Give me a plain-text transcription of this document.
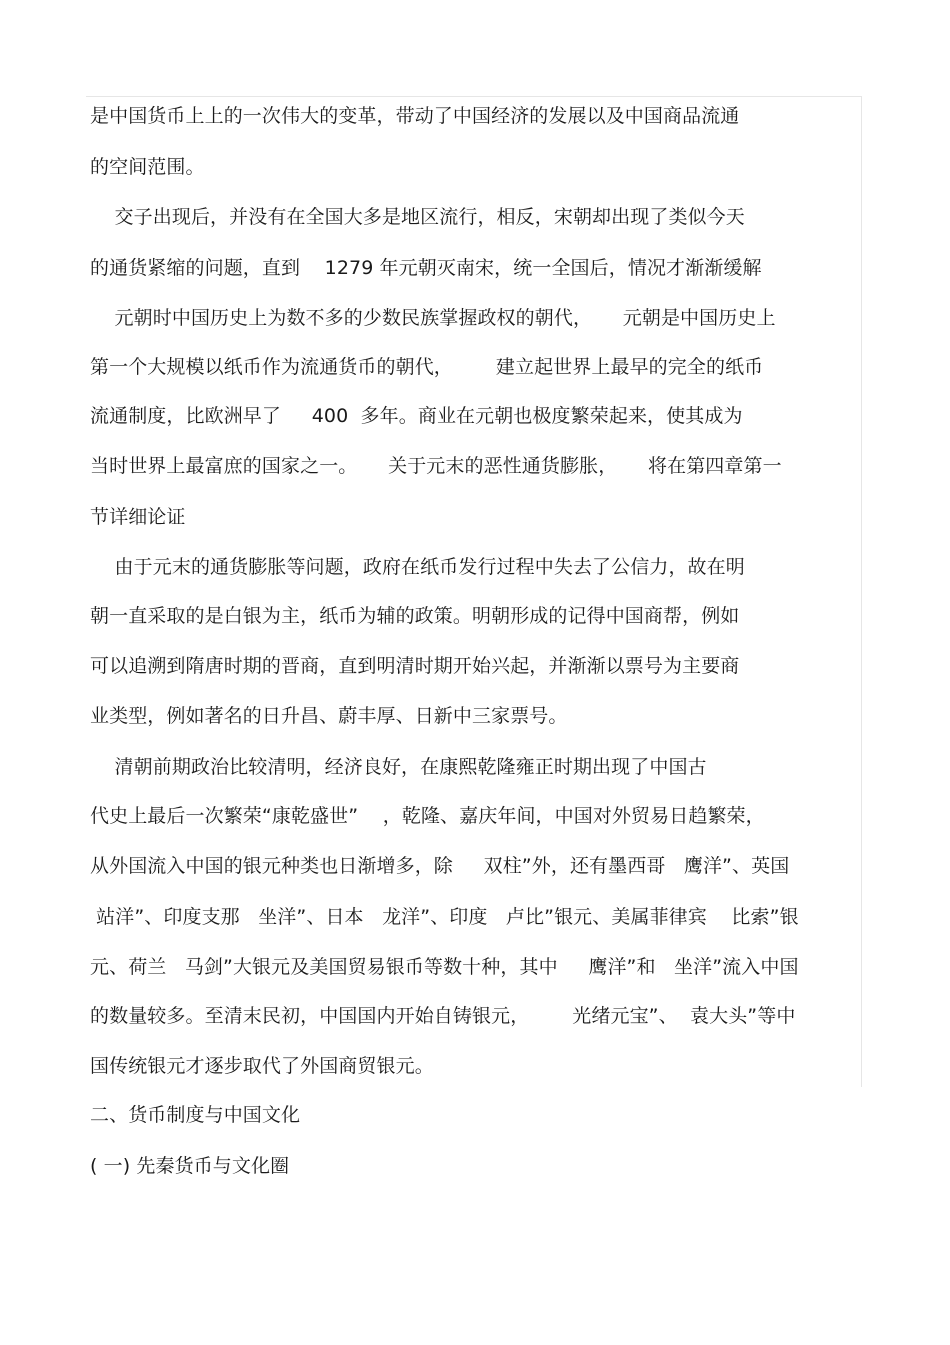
是中国货币上上的一次伟大的变革，带动了中国经济的发展以及中国商品流通
的空间范围。
交子出现后，并没有在全国大多是地区流行，相反，宋朝却出现了类似今天
的通货紧缩的问题，直到    1279 年元朝灭南宋，统一全国后，情况才渐渐缓解
元朝时中国历史上为数不多的少数民族掌握政权的朝代，     元朝是中国历史上
第一个大规模以纸币作为流通货币的朝代，       建立起世界上最早的完全的纸币
流通制度，比欧洲早了     400  多年。商业在元朝也极度繁荣起来，使其成为
当时世界上最富庶的国家之一。     关于元末的恶性通货膨胀，     将在第四章第一
节详细论证
由于元末的通货膨胀等问题，政府在纸币发行过程中失去了公信力，故在明
朝一直采取的是白银为主，纸币为辅的政策。明朝形成的记得中国商帮，例如
可以追溯到隋唐时期的晋商，直到明清时期开始兴起，并渐渐以票号为主要商
业类型，例如著名的日升昌、蔚丰厚、日新中三家票号。
清朝前期政治比较清明，经济良好，在康熙乾隆雍正时期出现了中国古
代史上最后一次繁荣“康乾盛世”    ，乾隆、嘉庆年间，中国对外贸易日趋繁荣，
从外国流入中国的银元种类也日渐增多，除     双柱”外，还有墨西哥   鹰洋”、英国
站洋”、印度支那   坐洋”、日本   龙洋”、印度   卢比”银元、美属菲律宾    比索”银
元、荷兰   马剑”大银元及美国贸易银币等数十种，其中     鹰洋”和   坐洋”流入中国
的数量较多。至清末民初，中国国内开始自铸银元，       光绪元宝”、  袁大头”等中
国传统银元才逐步取代了外国商贸银元。
二、货币制度与中国文化
( 一) 先秦货币与文化圈
